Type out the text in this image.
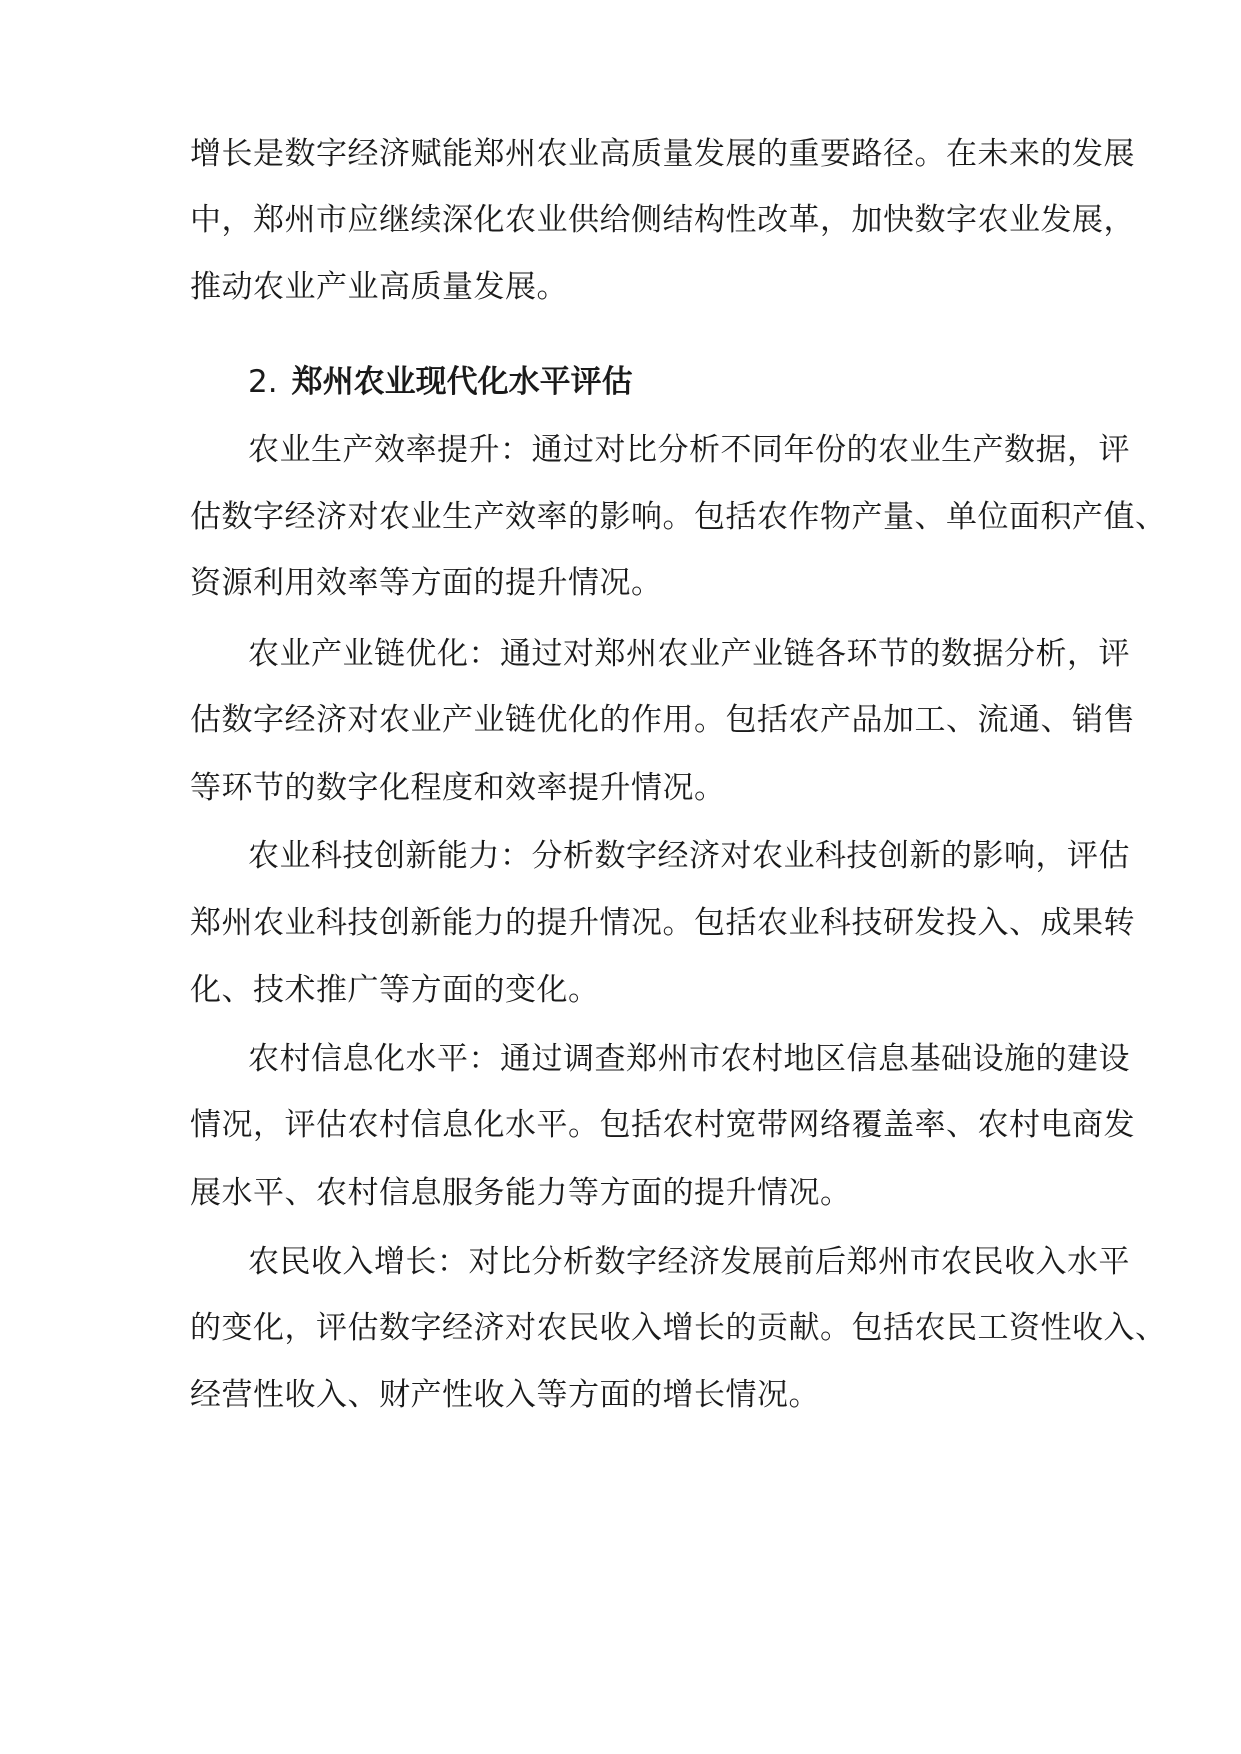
增长是数字经济赋能郑州农业高质量发展的重要路径。在未来的发展
中，郑州市应继续深化农业供给侧结构性改革，加快数字农业发展，
推动农业产业高质量发展。
2. 郑州农业现代化水平评估
农业生产效率提升：通过对比分析不同年份的农业生产数据，评
估数字经济对农业生产效率的影响。包括农作物产量、单位面积产值、
资源利用效率等方面的提升情况。
农业产业链优化：通过对郑州农业产业链各环节的数据分析，评
估数字经济对农业产业链优化的作用。包括农产品加工、流通、销售
等环节的数字化程度和效率提升情况。
农业科技创新能力：分析数字经济对农业科技创新的影响，评估
郑州农业科技创新能力的提升情况。包括农业科技研发投入、成果转
化、技术推广等方面的变化。
农村信息化水平：通过调查郑州市农村地区信息基础设施的建设
情况，评估农村信息化水平。包括农村宽带网络覆盖率、农村电商发
展水平、农村信息服务能力等方面的提升情况。
农民收入增长：对比分析数字经济发展前后郑州市农民收入水平
的变化，评估数字经济对农民收入增长的贡献。包括农民工资性收入、
经营性收入、财产性收入等方面的增长情况。
